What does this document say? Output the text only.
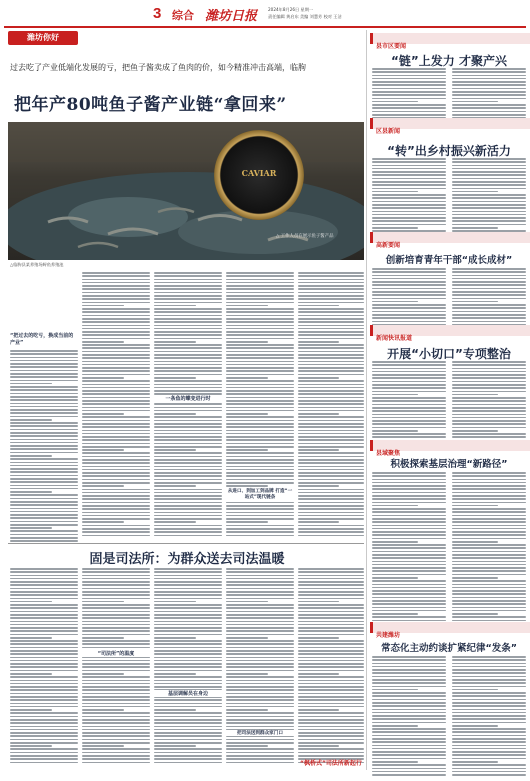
3 综合 潍坊日报	2024年8月26日 星期一
责任编辑 黄启东 美编 刘慧芳 校对 王洁
潍坊你好
过去吃了产业低端化发展的亏，把鱼子酱卖成了鱼肉的价，如今精准冲击高端，临朐
把年产80吨鱼子酱产业链“拿回来”
CAVIAR
△ 工作人员在展示鱼子酱产品
△临朐县某养殖场鲟鱼养殖池
“把过去的吃亏，换成当前的产业”
一条鱼的蝶变进行时
从进口、到加工到品牌 打造“一站式”现代链条
固是司法所：为群众送去司法温暖
“司法所”的温度
基层调解员在身边
把司法送到群众家门口
“枫桥式”司法所新起行
县市区要闻
“链”上发力 才聚产兴
区县新闻
“转”出乡村振兴新活力
高新要闻
创新培育青年干部“成长成材”
新闻快讯报道
开展“小切口”专项整治
县域聚焦
积极探索基层治理“新路径”
共建潍坊
常态化主动约谈扩紧纪律“发条”
